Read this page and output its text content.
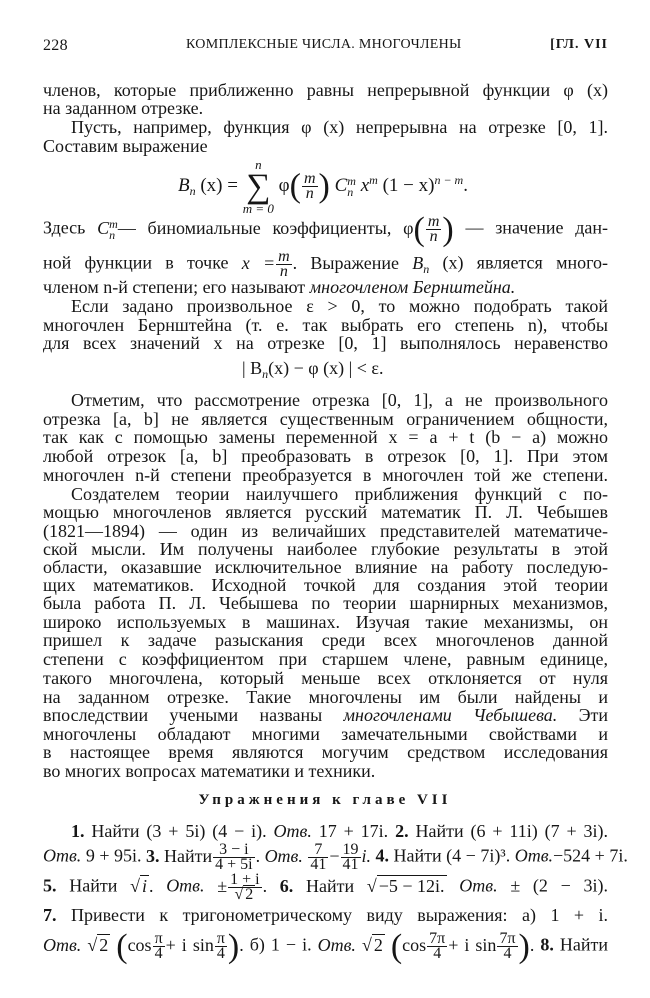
228	КОМПЛЕКСНЫЕ ЧИСЛА. МНОГОЧЛЕНЫ	[ГЛ. VII
членов, которые приближенно равны непрерывной функции φ (x)
на заданном отрезке.
Пусть, например, функция φ (x) непрерывна на отрезке [0, 1].
Составим выражение
$B_n$ (x) =
n
∑
m = 0
$\varphi( \frac{m}{n}$ ) C m
n $x^m$ $(1 - x)^{n - m}$.
Здесь C m
n — биномиальные коэффициенты, $\varphi( \frac{m}{n}$ ) — значение дан-
ной функции в точке $x = \frac{m}{n}$ . Выражение $B_n$ (x) является много-
членом n-й степени; его называют многочленом Бернштейна.
Если задано произвольное ε > 0, то можно подобрать такой
многочлен Бернштейна (т. е. так выбрать его степень n), чтобы
для всех значений x на отрезке [0, 1] выполнялось неравенство
| $B_n(x) - \varphi$ (x) | < ε.
Отметим, что рассмотрение отрезка [0, 1], а не произвольного
отрезка [a, b] не является существенным ограничением общности,
так как с помощью замены переменной x = a + t (b − a) можно
любой отрезок [a, b] преобразовать в отрезок [0, 1]. При этом
многочлен n-й степени преобразуется в многочлен той же степени.
Создателем теории наилучшего приближения функций с по-
мощью многочленов является русский математик П. Л. Чебышев
(1821—1894) — один из величайших представителей математиче-
ской мысли. Им получены наиболее глубокие результаты в этой
области, оказавшие исключительное влияние на работу последую-
щих математиков. Исходной точкой для создания этой теории
была работа П. Л. Чебышева по теории шарнирных механизмов,
широко используемых в машинах. Изучая такие механизмы, он
пришел к задаче разыскания среди всех многочленов данной
степени с коэффициентом при старшем члене, равным единице,
такого многочлена, который меньше всех отклоняется от нуля
на заданном отрезке. Такие многочлены им были найдены и
впоследствии учеными названы многочленами Чебышева. Эти
многочлены обладают многими замечательными свойствами и
в настоящее время являются могучим средством исследования
во многих вопросах математики и техники.
Упражнения к главе VII
1. Найти (3 + 5i) (4 − i). Отв. 17 + 17i. 2. Найти (6 + 11i) (7 + 3i).
Отв. 9 + 95i. 3. Найти $\frac{3 - i}{4 + 5i}$ . Отв. $\frac{7}{41} - \frac{19}{41} i$. 4. Найти (4 − 7i)³. Отв.−524 + 7i.
5. Найти √ i . Отв. ± $\frac{1 + i}{√ 2}$ . 6. Найти √ −5 − 12i. Отв. ± (2 − 3i).
7. Привести к тригонометрическому виду выражения: а) 1 + i.
Отв. √ 2 ($\cos \frac{\pi}{4} + i$ $\sin \frac{\pi}{4}$ ). б) 1 − i. Отв. √ 2 ($\cos \frac{7\pi}{4} + i$ $\sin \frac{7\pi}{4}$ ). 8. Найти
